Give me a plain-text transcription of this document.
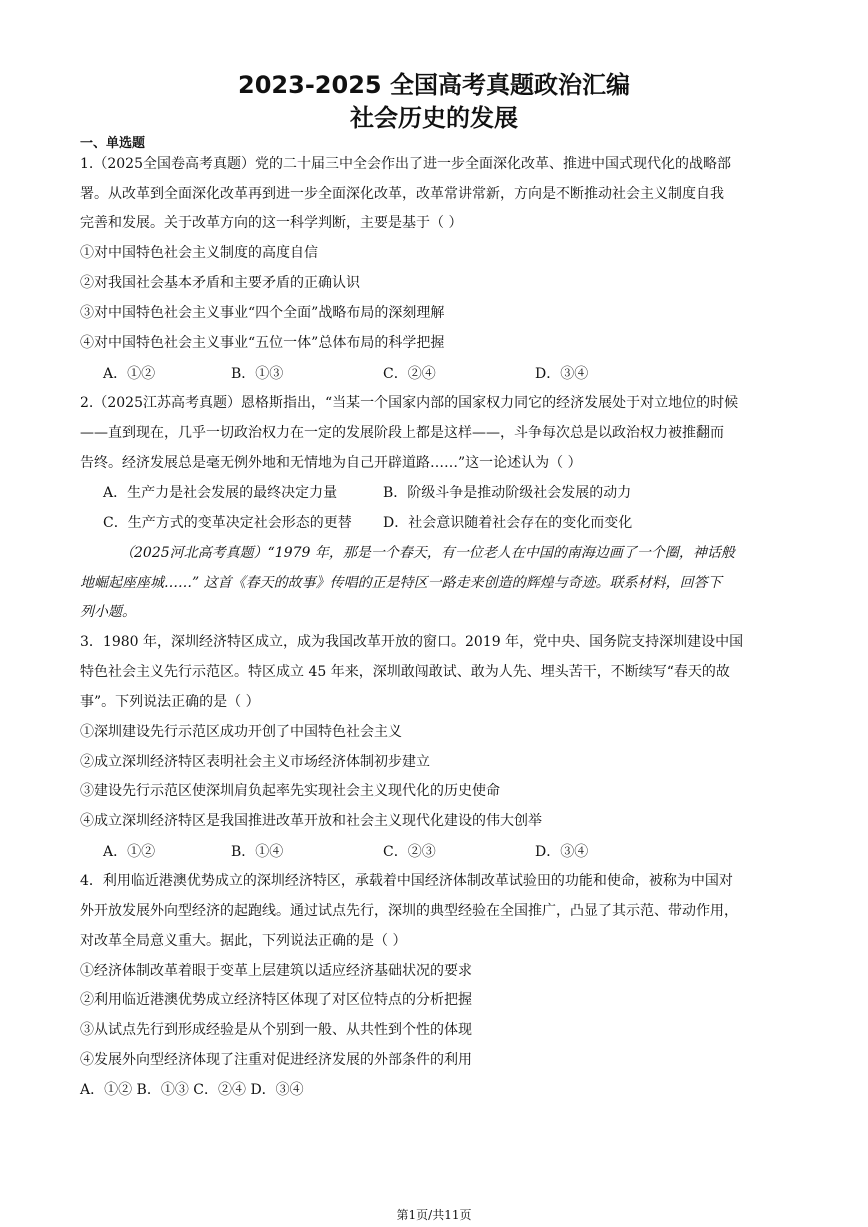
2023-2025 全国高考真题政治汇编
社会历史的发展
一、单选题
1.（2025全国卷高考真题）党的二十届三中全会作出了进一步全面深化改革、推进中国式现代化的战略部
署。从改革到全面深化改革再到进一步全面深化改革，改革常讲常新，方向是不断推动社会主义制度自我
完善和发展。关于改革方向的这一科学判断，主要是基于（ ）
①对中国特色社会主义制度的高度自信
②对我国社会基本矛盾和主要矛盾的正确认识
③对中国特色社会主义事业“四个全面”战略布局的深刻理解
④对中国特色社会主义事业“五位一体”总体布局的科学把握
A．①②	B．①③	C．②④	D．③④
2.（2025江苏高考真题）恩格斯指出，“当某一个国家内部的国家权力同它的经济发展处于对立地位的时候
——直到现在，几乎一切政治权力在一定的发展阶段上都是这样——，斗争每次总是以政治权力被推翻而
告终。经济发展总是毫无例外地和无情地为自己开辟道路……”这一论述认为（ ）
A．生产力是社会发展的最终决定力量	B．阶级斗争是推动阶级社会发展的动力
C．生产方式的变革决定社会形态的更替 D．社会意识随着社会存在的变化而变化
（2025河北高考真题）“1979 年，那是一个春天，有一位老人在中国的南海边画了一个圈，神话般
地崛起座座城……” 这首《春天的故事》传唱的正是特区一路走来创造的辉煌与奇迹。联系材料，回答下
列小题。
3．1980 年，深圳经济特区成立，成为我国改革开放的窗口。2019 年，党中央、国务院支持深圳建设中国
特色社会主义先行示范区。特区成立 45 年来，深圳敢闯敢试、敢为人先、埋头苦干，不断续写“春天的故
事”。下列说法正确的是（ ）
①深圳建设先行示范区成功开创了中国特色社会主义
②成立深圳经济特区表明社会主义市场经济体制初步建立
③建设先行示范区使深圳肩负起率先实现社会主义现代化的历史使命
④成立深圳经济特区是我国推进改革开放和社会主义现代化建设的伟大创举
A．①②	B．①④	C．②③	D．③④
4．利用临近港澳优势成立的深圳经济特区，承载着中国经济体制改革试验田的功能和使命，被称为中国对
外开放发展外向型经济的起跑线。通过试点先行，深圳的典型经验在全国推广，凸显了其示范、带动作用，
对改革全局意义重大。据此，下列说法正确的是（ ）
①经济体制改革着眼于变革上层建筑以适应经济基础状况的要求
②利用临近港澳优势成立经济特区体现了对区位特点的分析把握
③从试点先行到形成经验是从个别到一般、从共性到个性的体现
④发展外向型经济体现了注重对促进经济发展的外部条件的利用
A．①② B．①③ C．②④ D．③④
第1页/共11页
